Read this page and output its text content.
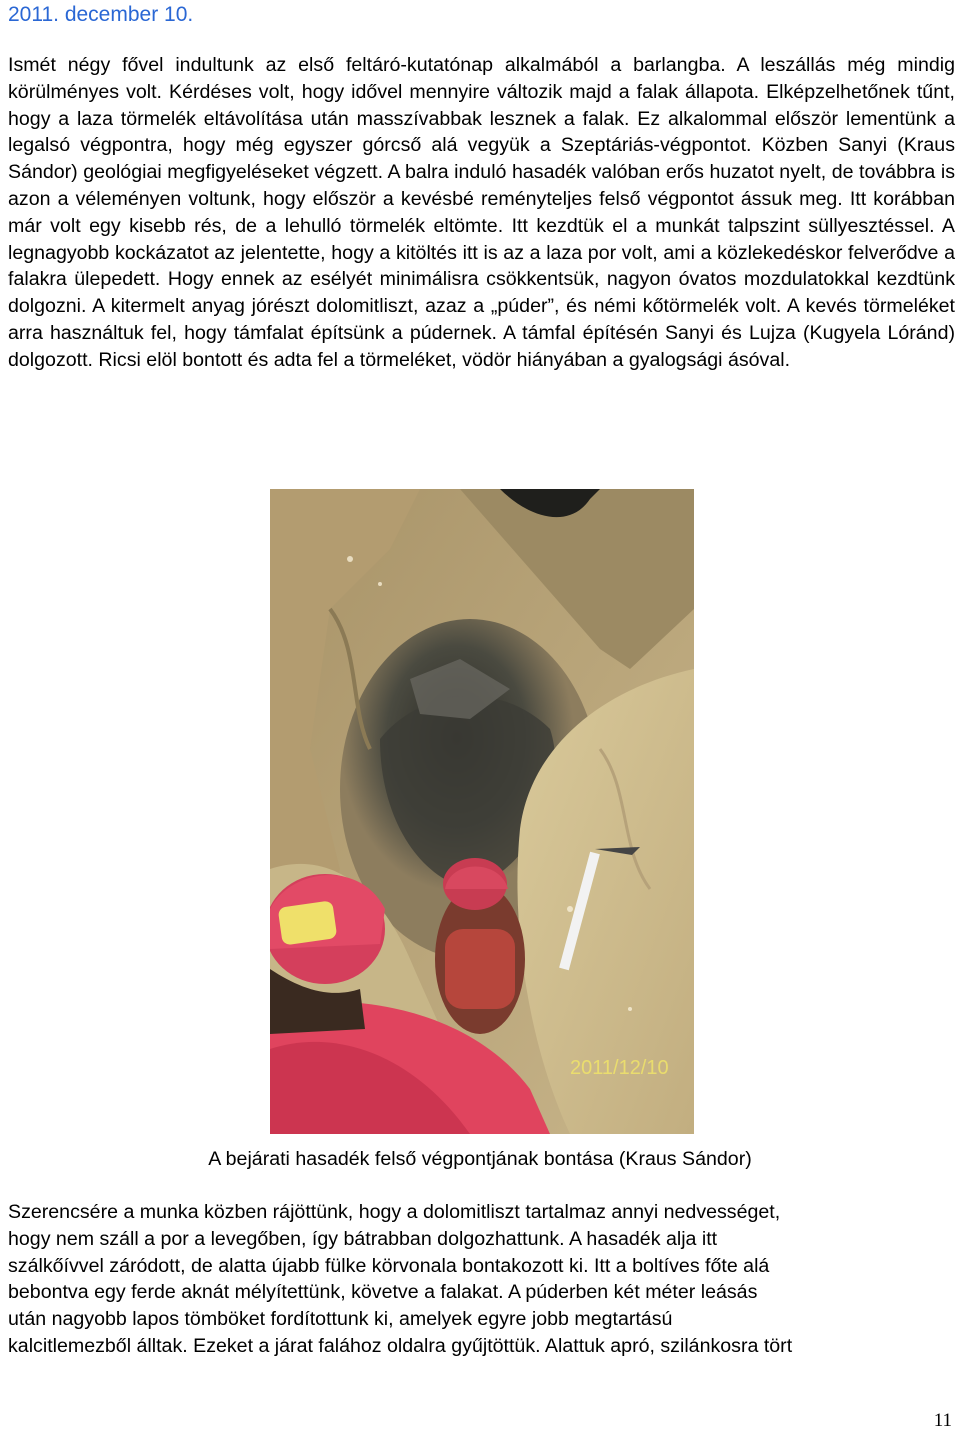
2011. december 10.

Ismét négy fővel indultunk az első feltáró-kutatónap alkalmából a barlangba. A leszállás még mindig körülményes volt. Kérdéses volt, hogy idővel mennyire változik majd a falak állapota. Elképzelhetőnek tűnt, hogy a laza törmelék eltávolítása után masszívabbak lesznek a falak. Ez alkalommal először lementünk a legalsó végpontra, hogy még egyszer górcső alá vegyük a Szeptáriás-végpontot. Közben Sanyi (Kraus Sándor) geológiai megfigyeléseket végzett. A balra induló hasadék valóban erős huzatot nyelt, de továbbra is azon a véleményen voltunk, hogy először a kevésbé reményteljes felső végpontot ássuk meg. Itt korábban már volt egy kisebb rés, de a lehulló törmelék eltömte. Itt kezdtük el a munkát talpszint süllyesztéssel. A legnagyobb kockázatot az jelentette, hogy a kitöltés itt is az a laza por volt, ami a közlekedéskor felverődve a falakra ülepedett. Hogy ennek az esélyét minimálisra csökkentsük, nagyon óvatos mozdulatokkal kezdtünk dolgozni. A kitermelt anyag jórészt dolomitliszt, azaz a „púder”, és némi kőtörmelék volt. A kevés törmeléket arra használtuk fel, hogy támfalat építsünk a púdernek. A támfal építésén Sanyi és Lujza (Kugyela Lóránd) dolgozott. Ricsi elöl bontott és adta fel a törmeléket, vödör hiányában a gyalogsági ásóval.

2011/12/10

A bejárati hasadék felső végpontjának bontása (Kraus Sándor)

Szerencsére a munka közben rájöttünk, hogy a dolomitliszt tartalmaz annyi nedvességet,
hogy nem száll a por a levegőben, így bátrabban dolgozhattunk. A hasadék alja itt
szálkőívvel záródott, de alatta újabb fülke körvonala bontakozott ki. Itt a boltíves főte alá
bebontva egy ferde aknát mélyítettünk, követve a falakat. A púderben két méter leásás
után nagyobb lapos tömböket fordítottunk ki, amelyek egyre jobb megtartású
kalcitlemezből álltak. Ezeket a járat falához oldalra gyűjtöttük. Alattuk apró, szilánkosra tört

11
